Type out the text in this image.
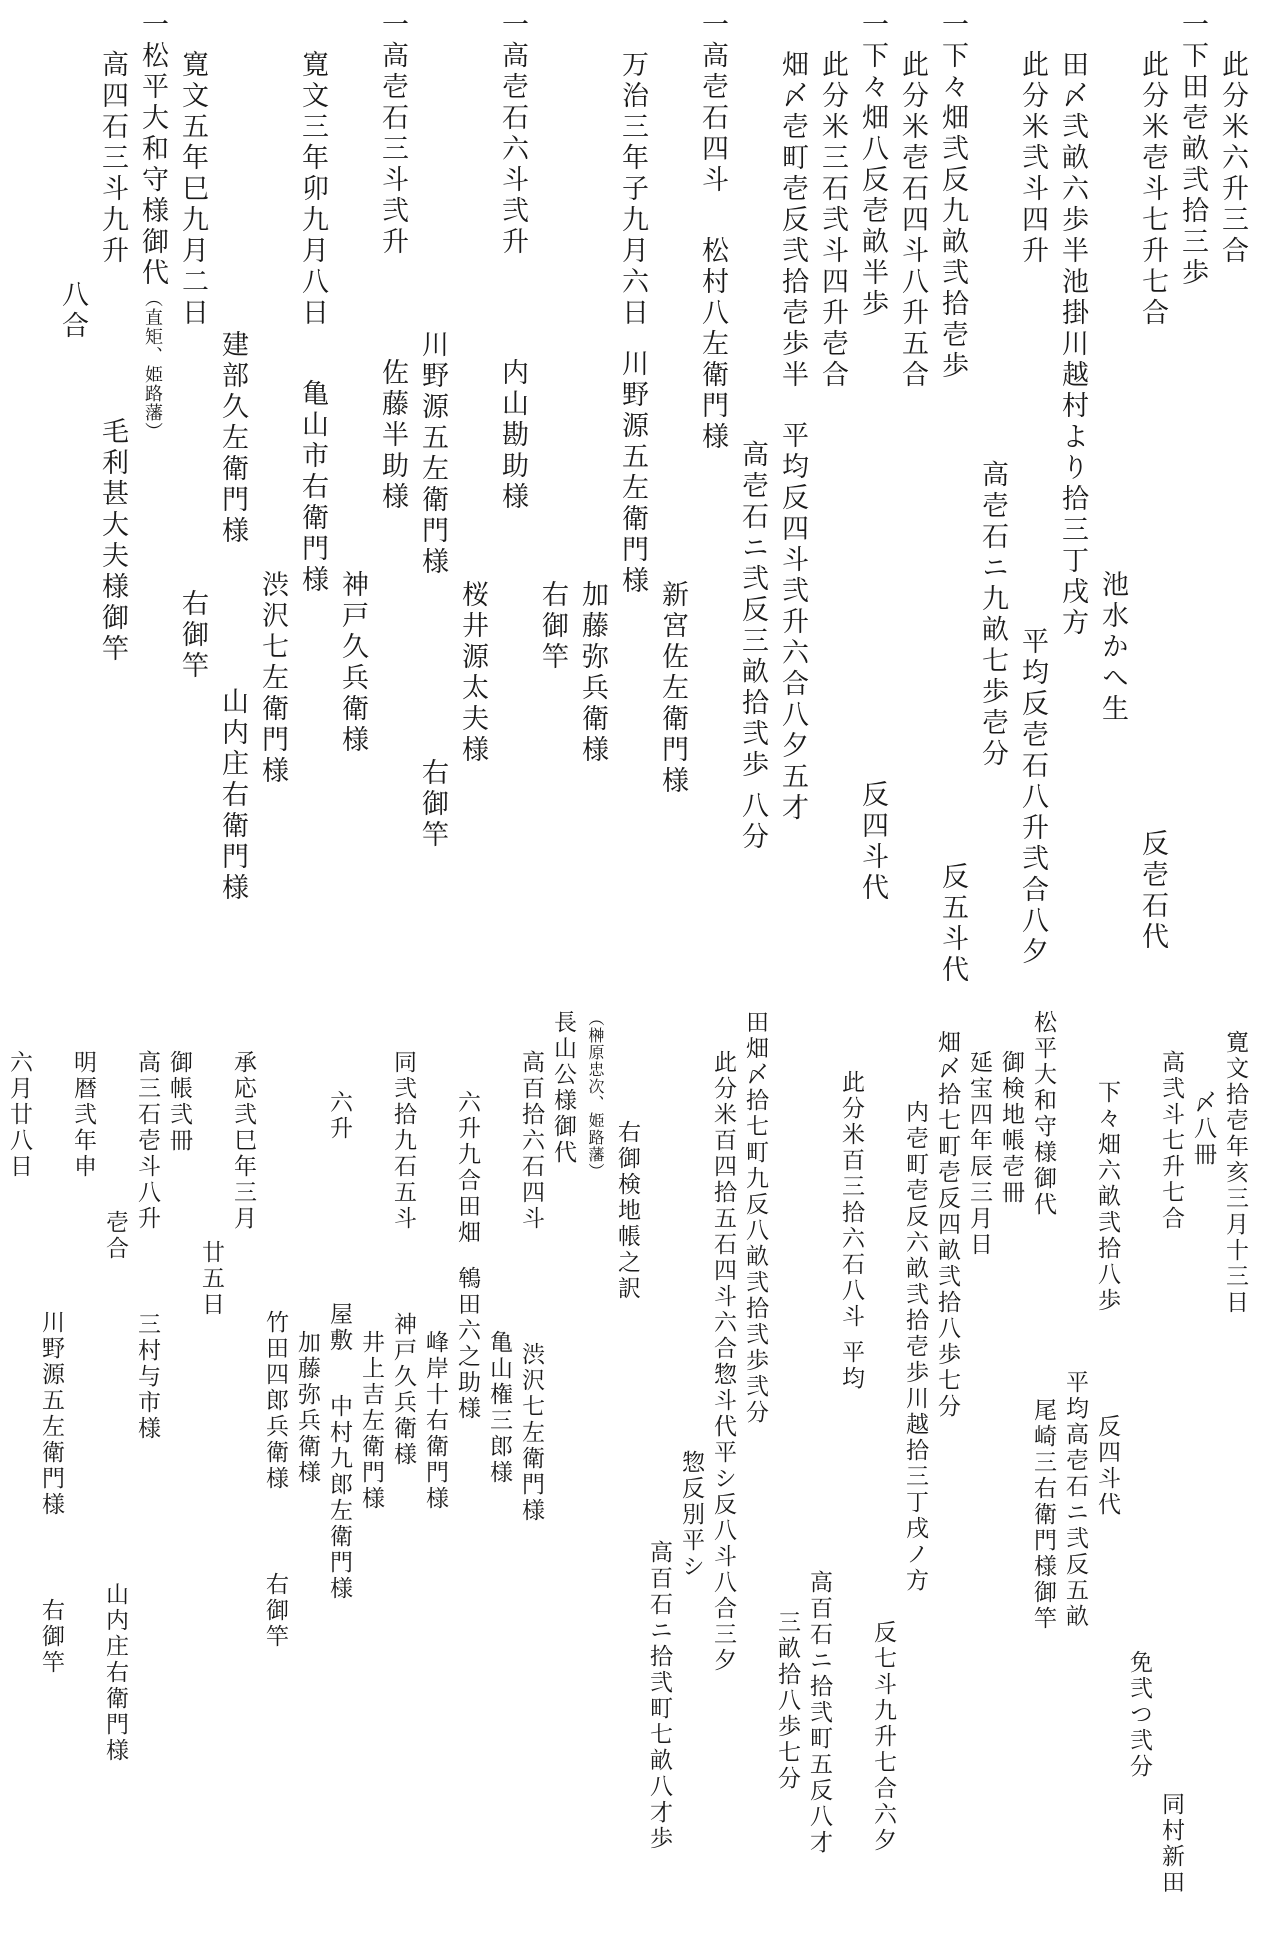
此分米六升三合
一下田壱畝弐拾三歩
此分米壱斗七升七合
反壱石代
池水かへ生
田〆弐畝六歩半池掛川越村より拾三丁戌方
此分米弐斗四升
平均反壱石八升弐合八夕
高壱石ニ九畝七歩壱分
一下々畑弐反九畝弐拾壱歩
反五斗代
此分米壱石四斗八升五合
一下々畑八反壱畝半歩
反四斗代
此分米三石弐斗四升壱合
畑〆壱町壱反弐拾壱歩半
平均反四斗弐升六合八夕五才
高壱石ニ弐反三畝拾弐歩
八分
一高壱石四斗
松村八左衛門様
新宮佐左衛門様
万治三年子九月六日
川野源五左衛門様
加藤弥兵衛様
右御竿
一高壱石六斗弐升
内山勘助様
桜井源太夫様
川野源五左衛門様
右御竿
一高壱石三斗弐升
佐藤半助様
神戸久兵衛様
寛文三年卯九月八日
亀山市右衛門様
渋沢七左衛門様
建部久左衛門様
山内庄右衛門様
寛文五年巳九月二日
右御竿
一松平大和守様御代
（直矩、姫路藩）
高四石三斗九升
毛利甚大夫様御竿
八合
寛文拾壱年亥三月
十三日
〆八冊
高弐斗七升七合
同村新田
免弐つ弐分
下々畑六畝弐拾八歩
反四斗代
平均高壱石ニ弐反五畝
松平大和守様御代
尾崎三右衛門様御竿
御検地帳壱冊
延宝四年辰三月日
畑〆拾七町壱反四畝弐拾八歩七分
内壱町壱反六畝弐拾壱歩川越拾三丁戌ノ方
反七斗九升七合六夕
此分米百三拾六石八斗
平均
高百石ニ拾弐町五反八才
三畝拾八歩七分
田畑〆拾七町九反八畝弐拾弐歩
弐分
此分米百四拾五石四斗六合
惣斗代平シ反八斗八合三夕
惣反別平シ
高百石ニ拾弐町七畝八才
歩
右御検地帳之訳
（榊原忠次、姫路藩）
長山公様御代
高百拾六石四斗
渋沢七左衛門様
亀山権三郎様
六升九合田畑
鴾田六之助様
峰岸十右衛門様
同弐拾九石五斗
神戸久兵衛様
井上吉左衛門様
六升
屋敷
中村九郎左衛門様
加藤弥兵衛様
竹田四郎兵衛様
右御竿
承応弐巳年三月
廿五日
御帳弐冊
高三石壱斗八升
三村与市様
壱合
山内庄右衛門様
明暦弐年申
川野源五左衛門様
右御竿
六月廿八日
